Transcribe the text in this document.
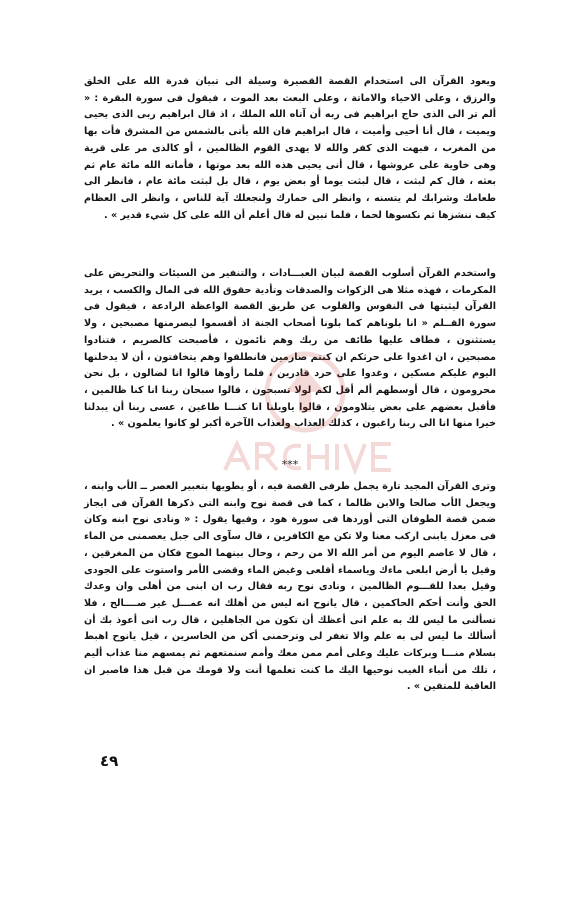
ويعود القرآن الى استخدام القصة القصيرة وسيلة الى تبيان قدرة الله على الخلق والرزق ، وعلى الاحياء والاماتة ، وعلى البعث بعد الموت ، فيقول فى سورة البقرة : « ألم تر الى الذى حاج ابراهيم فى ربه أن آتاه الله الملك ، اذ قال ابراهيم ربى الذى يحيى ويميت ، قال أنا أحيى وأميت ، قال ابراهيم فان الله يأتى بالشمس من المشرق فأت بها من المغرب ، فبهت الذى كفر والله لا يهدى القوم الظالمين ، أو كالذى مر على قرية وهى خاوية على عروشها ، قال أنى يحيى هذه الله بعد موتها ، فأماته الله مائة عام ثم بعثه ، قال كم لبثت ، قال لبثت يوما أو بعض يوم ، قال بل لبثت مائة عام ، فانظر الى طعامك وشرابك لم يتسنه ، وانظر الى حمارك ولنجعلك آية للناس ، وانظر الى العظام كيف ننشزها ثم نكسوها لحما ، فلما تبين له قال أعلم أن الله على كل شيء قدير » .

واستخدم القرآن أسلوب القصة لبيان العبـــادات ، والتنفير من السيئات والتحريض على المكرمات ، فهذه مثلا هى الزكوات والصدقات وتأدية حقوق الله فى المال والكسب ، يريد القرآن ليثبتها فى النفوس والقلوب عن طريق القصة الواعظة الرادعة ، فيقول فى سورة القــلم « انا بلوناهم كما بلونا أصحاب الجنة اذ أقسموا ليصرمنها مصبحين ، ولا يستثنون ، فطاف عليها طائف من ربك وهم نائمون ، فأصبحت كالصريم ، فتنادوا مصبحين ، ان اغدوا على حرثكم ان كنتم صارمين فانطلقوا وهم يتخافتون ، أن لا يدخلنها اليوم عليكم مسكين ، وغدوا على حرد قادرين ، فلما رأوها قالوا انا لضالون ، بل نحن محرومون ، قال أوسطهم ألم أقل لكم لولا تسبحون ، قالوا سبحان ربنا انا كنا ظالمين ، فأقبل بعضهم على بعض يتلاومون ، قالوا ياويلنا انا كنـــا طاغين ، عسى ربنا أن يبدلنا خيرا منها انا الى ربنا راغبون ، كذلك العذاب ولعذاب الآخرة أكبر لو كانوا يعلمون » .

***

وترى القرآن المجيد تارة يجمل طرفى القصة فيه ، أو يطويها بتعبير العصر ــ الأب وابنه ، ويجعل الأب صالحا والابن ظالما ، كما فى قصة نوح وابنه التى ذكرها القرآن فى ايجاز ضمن قصة الطوفان التى أوردها فى سورة هود ، وفيها يقول : « ونادى نوح ابنه وكان فى معزل يابنى اركب معنا ولا تكن مع الكافرين ، قال سآوى الى جبل يعصمنى من الماء ، قال لا عاصم اليوم من أمر الله الا من رحم ، وحال بينهما الموج فكان من المغرقين ، وقيل يا أرض ابلعى ماءك وياسماء أقلعى وغيض الماء وقضى الأمر واستوت على الجودى وقيل بعدا للقـــوم الظالمين ، ونادى نوح ربه فقال رب ان ابنى من أهلى وان وعدك الحق وأنت أحكم الحاكمين ، قال يانوح انه ليس من أهلك انه عمـــل غير صــــالح ، فلا تسألنى ما ليس لك به علم انى أعظك أن تكون من الجاهلين ، قال رب انى أعوذ بك أن أسألك ما ليس لى به علم والا تغفر لى وترحمنى أكن من الخاسرين ، قيل يانوح اهبط بسلام منـــا وبركات عليك وعلى أمم ممن معك وأمم سنمتعهم ثم يمسهم منا عذاب أليم ، تلك من أنباء الغيب نوحيها اليك ما كنت تعلمها أنت ولا قومك من قبل هذا فاصبر ان العاقبة للمتقين » .

٤٩
